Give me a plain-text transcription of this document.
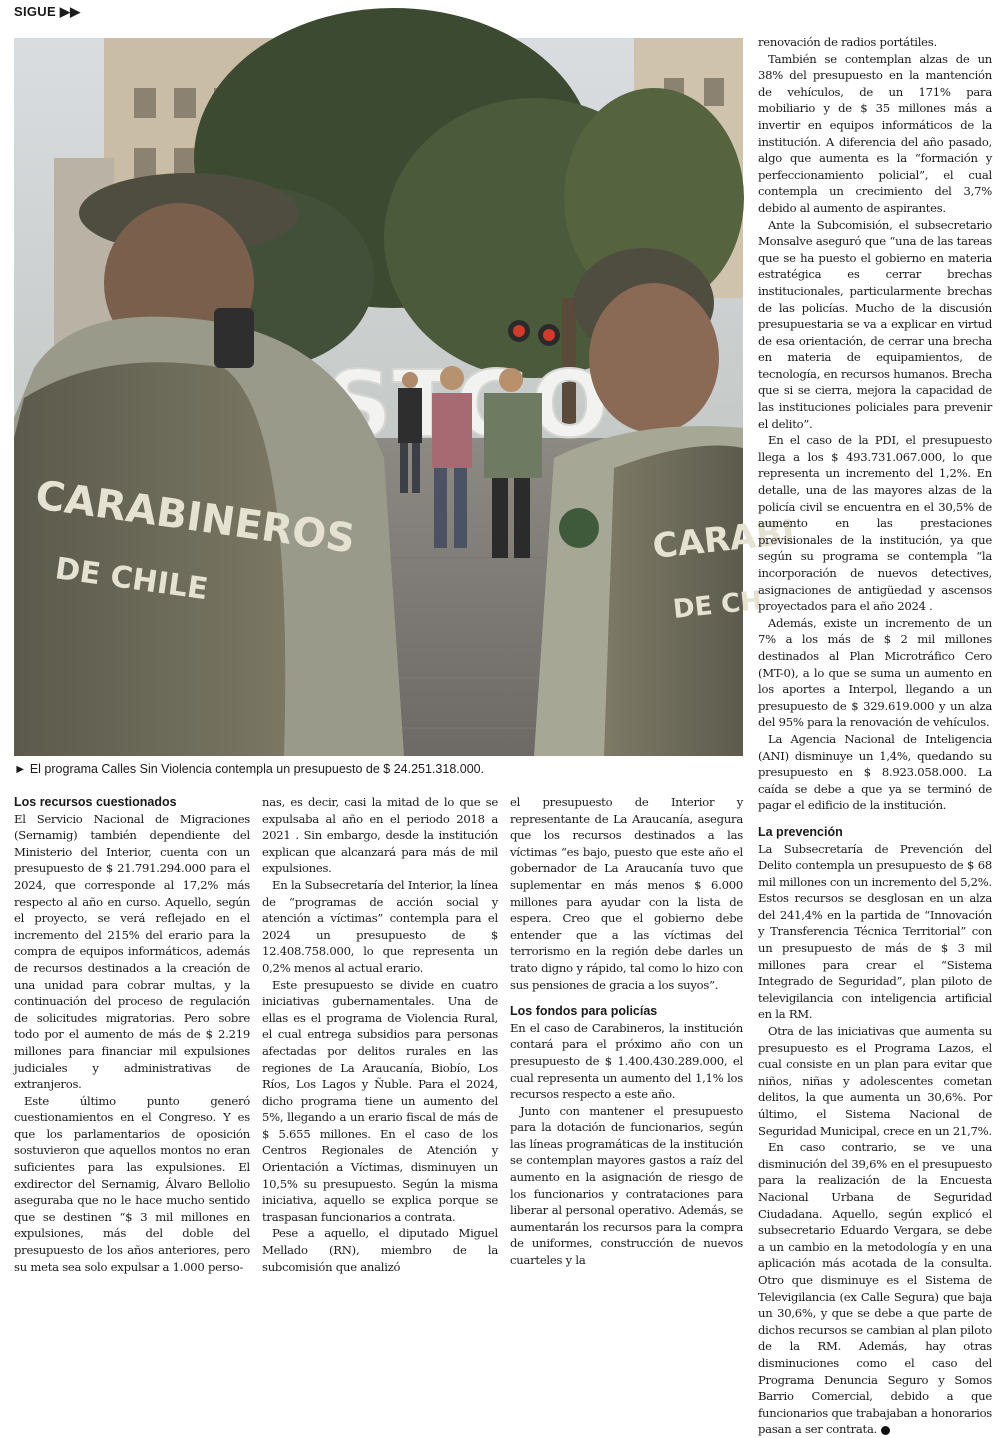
SIGUE ▶▶
CARABINEROS
DE CHILE
CARABI
DE CH
► El programa Calles Sin Violencia contempla un presupuesto de $ 24.251.318.000.
Los recursos cuestionados

El Servicio Nacional de Migraciones (Sernamig) también dependiente del Ministerio del Interior, cuenta con un presupuesto de $ 21.791.294.000 para el 2024, que corresponde al 17,2% más respecto al año en curso. Aquello, según el proyecto, se verá reflejado en el incremento del 215% del erario para la compra de equipos informáticos, además de recursos destinados a la creación de una unidad para cobrar multas, y la continuación del proceso de regulación de solicitudes migratorias. Pero sobre todo por el aumento de más de $ 2.219 millones para financiar mil expulsiones judiciales y administrativas de extranjeros.

Este último punto generó cuestionamientos en el Congreso. Y es que los parlamentarios de oposición sostuvieron que aquellos montos no eran suficientes para las expulsiones. El exdirector del Sernamig, Álvaro Bellolio aseguraba que no le hace mucho sentido que se destinen “$ 3 mil millones en expulsiones, más del doble del presupuesto de los años anteriores, pero su meta sea solo expulsar a 1.000 perso-

nas, es decir, casi la mitad de lo que se expulsaba al año en el periodo 2018 a 2021 . Sin embargo, desde la institución explican que alcanzará para más de mil expulsiones.

En la Subsecretaría del Interior, la línea de “programas de acción social y atención a víctimas” contempla para el 2024 un presupuesto de $ 12.408.758.000, lo que representa un 0,2% menos al actual erario.

Este presupuesto se divide en cuatro iniciativas gubernamentales. Una de ellas es el programa de Violencia Rural, el cual entrega subsidios para personas afectadas por delitos rurales en las regiones de La Araucanía, Biobío, Los Ríos, Los Lagos y Ñuble. Para el 2024, dicho programa tiene un aumento del 5%, llegando a un erario fiscal de más de $ 5.655 millones. En el caso de los Centros Regionales de Atención y Orientación a Víctimas, disminuyen un 10,5% su presupuesto. Según la misma iniciativa, aquello se explica porque se traspasan funcionarios a contrata.

Pese a aquello, el diputado Miguel Mellado (RN), miembro de la subcomisión que analizó

el presupuesto de Interior y representante de La Araucanía, asegura que los recursos destinados a las víctimas “es bajo, puesto que este año el gobernador de La Araucanía tuvo que suplementar en más menos $ 6.000 millones para ayudar con la lista de espera. Creo que el gobierno debe entender que a las víctimas del terrorismo en la región debe darles un trato digno y rápido, tal como lo hizo con sus pensiones de gracia a los suyos”.

Los fondos para policías

En el caso de Carabineros, la institución contará para el próximo año con un presupuesto de $ 1.400.430.289.000, el cual representa un aumento del 1,1% los recursos respecto a este año.

Junto con mantener el presupuesto para la dotación de funcionarios, según las líneas programáticas de la institución se contemplan mayores gastos a raíz del aumento en la asignación de riesgo de los funcionarios y contrataciones para liberar al personal operativo. Además, se aumentarán los recursos para la compra de uniformes, construcción de nuevos cuarteles y la

renovación de radios portátiles.

También se contemplan alzas de un 38% del presupuesto en la mantención de vehículos, de un 171% para mobiliario y de $ 35 millones más a invertir en equipos informáticos de la institución. A diferencia del año pasado, algo que aumenta es la “formación y perfeccionamiento policial”, el cual contempla un crecimiento del 3,7% debido al aumento de aspirantes.

Ante la Subcomisión, el subsecretario Monsalve aseguró que “una de las tareas que se ha puesto el gobierno en materia estratégica es cerrar brechas institucionales, particularmente brechas de las policías. Mucho de la discusión presupuestaria se va a explicar en virtud de esa orientación, de cerrar una brecha en materia de equipamientos, de tecnología, en recursos humanos. Brecha que si se cierra, mejora la capacidad de las instituciones policiales para prevenir el delito”.

En el caso de la PDI, el presupuesto llega a los $ 493.731.067.000, lo que representa un incremento del 1,2%. En detalle, una de las mayores alzas de la policía civil se encuentra en el 30,5% de aumento en las prestaciones previsionales de la institución, ya que según su programa se contempla “la incorporación de nuevos detectives, asignaciones de antigüedad y ascensos proyectados para el año 2024 .

Además, existe un incremento de un 7% a los más de $ 2 mil millones destinados al Plan Microtráfico Cero (MT-0), a lo que se suma un aumento en los aportes a Interpol, llegando a un presupuesto de $ 329.619.000 y un alza del 95% para la renovación de vehículos.

La Agencia Nacional de Inteligencia (ANI) disminuye un 1,4%, quedando su presupuesto en $ 8.923.058.000. La caída se debe a que ya se terminó de pagar el edificio de la institución.

La prevención

La Subsecretaría de Prevención del Delito contempla un presupuesto de $ 68 mil millones con un incremento del 5,2%. Estos recursos se desglosan en un alza del 241,4% en la partida de “Innovación y Transferencia Técnica Territorial” con un presupuesto de más de $ 3 mil millones para crear el “Sistema Integrado de Seguridad”, plan piloto de televigilancia con inteligencia artificial en la RM.

Otra de las iniciativas que aumenta su presupuesto es el Programa Lazos, el cual consiste en un plan para evitar que niños, niñas y adolescentes cometan delitos, la que aumenta un 30,6%. Por último, el Sistema Nacional de Seguridad Municipal, crece en un 21,7%.

En caso contrario, se ve una disminución del 39,6% en el presupuesto para la realización de la Encuesta Nacional Urbana de Seguridad Ciudadana. Aquello, según explicó el subsecretario Eduardo Vergara, se debe a un cambio en la metodología y en una aplicación más acotada de la consulta. Otro que disminuye es el Sistema de Televigilancia (ex Calle Segura) que baja un 30,6%, y que se debe a que parte de dichos recursos se cambian al plan piloto de la RM. Además, hay otras disminuciones como el caso del Programa Denuncia Seguro y Somos Barrio Comercial, debido a que funcionarios que trabajaban a honorarios pasan a ser contrata.
